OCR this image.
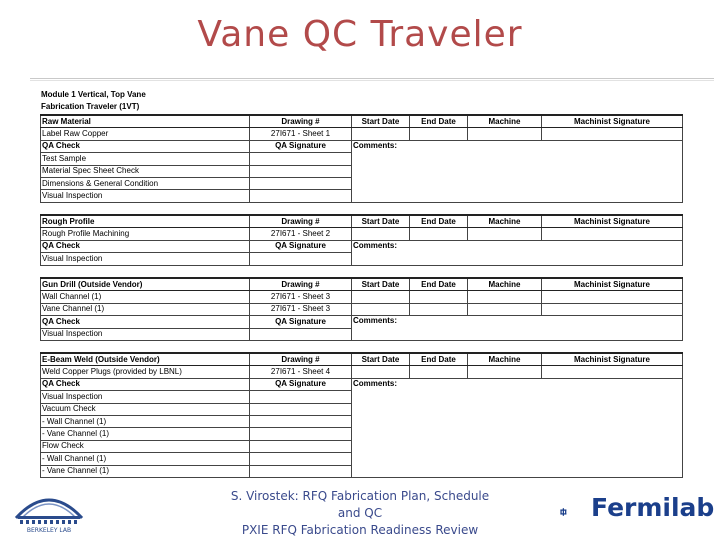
Vane QC Traveler
Module 1 Vertical, Top Vane
Fabrication Traveler (1VT)
Raw Material	Drawing #	Start Date	End Date	Machine	Machinist Signature
Label Raw Copper	27I671 - Sheet 1				
QA Check	QA Signature	Comments:			
Test Sample					
Material Spec Sheet Check					
Dimensions & General Condition					
Visual Inspection					
Rough Profile	Drawing #	Start Date	End Date	Machine	Machinist Signature
Rough Profile Machining	27I671 - Sheet 2				
QA Check	QA Signature	Comments:			
Visual Inspection					
Gun Drill (Outside Vendor)	Drawing #	Start Date	End Date	Machine	Machinist Signature
Wall Channel (1)	27I671 - Sheet 3				
Vane Channel (1)	27I671 - Sheet 3				
QA Check	QA Signature	Comments:			
Visual Inspection					
E-Beam Weld (Outside Vendor)	Drawing #	Start Date	End Date	Machine	Machinist Signature
Weld Copper Plugs (provided by LBNL)	27I671 - Sheet 4				
QA Check	QA Signature	Comments:			
Visual Inspection					
Vacuum Check					
- Wall Channel (1)					
- Vane Channel (1)					
Flow Check					
- Wall Channel (1)					
- Vane Channel (1)					
BERKELEY LAB
S. Virostek: RFQ Fabrication Plan, Schedule
and QC
PXIE RFQ Fabrication Readiness Review
Fermilab
